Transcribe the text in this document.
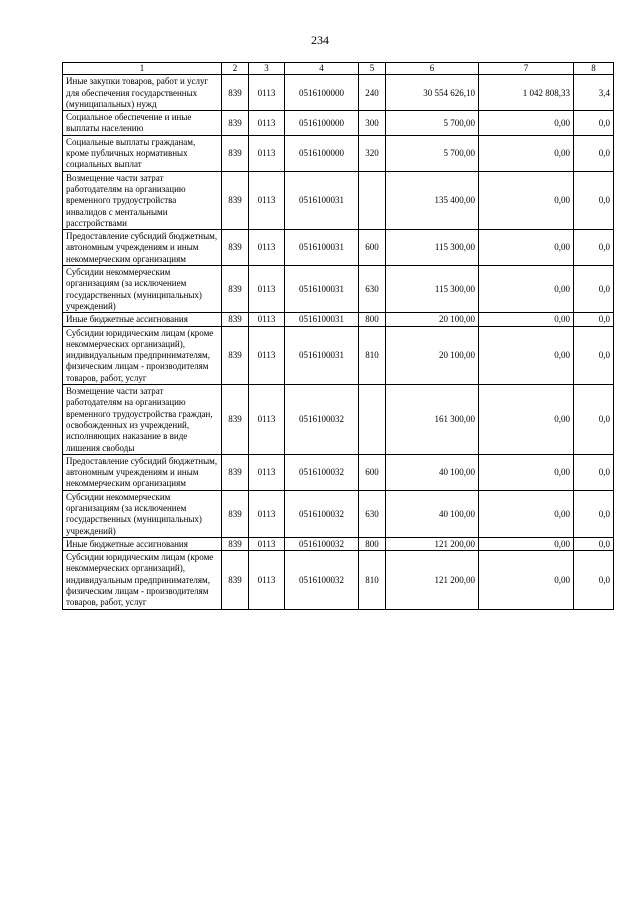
234
1	2	3	4	5	6	7	8
Иные закупки товаров, работ и услуг для обеспечения государственных (муниципальных) нужд	839	0113	0516100000	240	30 554 626,10	1 042 808,33	3,4
Социальное обеспечение и иные выплаты населению	839	0113	0516100000	300	5 700,00	0,00	0,0
Социальные выплаты гражданам, кроме публичных нормативных социальных выплат	839	0113	0516100000	320	5 700,00	0,00	0,0
Возмещение части затрат работодателям на организацию временного трудоустройства инвалидов с ментальными расстройствами	839	0113	0516100031		135 400,00	0,00	0,0
Предоставление субсидий бюджетным, автономным учреждениям и иным некоммерческим организациям	839	0113	0516100031	600	115 300,00	0,00	0,0
Субсидии некоммерческим организациям (за исключением государственных (муниципальных) учреждений)	839	0113	0516100031	630	115 300,00	0,00	0,0
Иные бюджетные ассигнования	839	0113	0516100031	800	20 100,00	0,00	0,0
Субсидии юридическим лицам (кроме некоммерческих организаций), индивидуальным предпринимателям, физическим лицам - производителям товаров, работ, услуг	839	0113	0516100031	810	20 100,00	0,00	0,0
Возмещение части затрат работодателям на организацию временного трудоустройства граждан, освобожденных из учреждений, исполняющих наказание в виде лишения свободы	839	0113	0516100032		161 300,00	0,00	0,0
Предоставление субсидий бюджетным, автономным учреждениям и иным некоммерческим организациям	839	0113	0516100032	600	40 100,00	0,00	0,0
Субсидии некоммерческим организациям (за исключением государственных (муниципальных) учреждений)	839	0113	0516100032	630	40 100,00	0,00	0,0
Иные бюджетные ассигнования	839	0113	0516100032	800	121 200,00	0,00	0,0
Субсидии юридическим лицам (кроме некоммерческих организаций), индивидуальным предпринимателям, физическим лицам - производителям товаров, работ, услуг	839	0113	0516100032	810	121 200,00	0,00	0,0
